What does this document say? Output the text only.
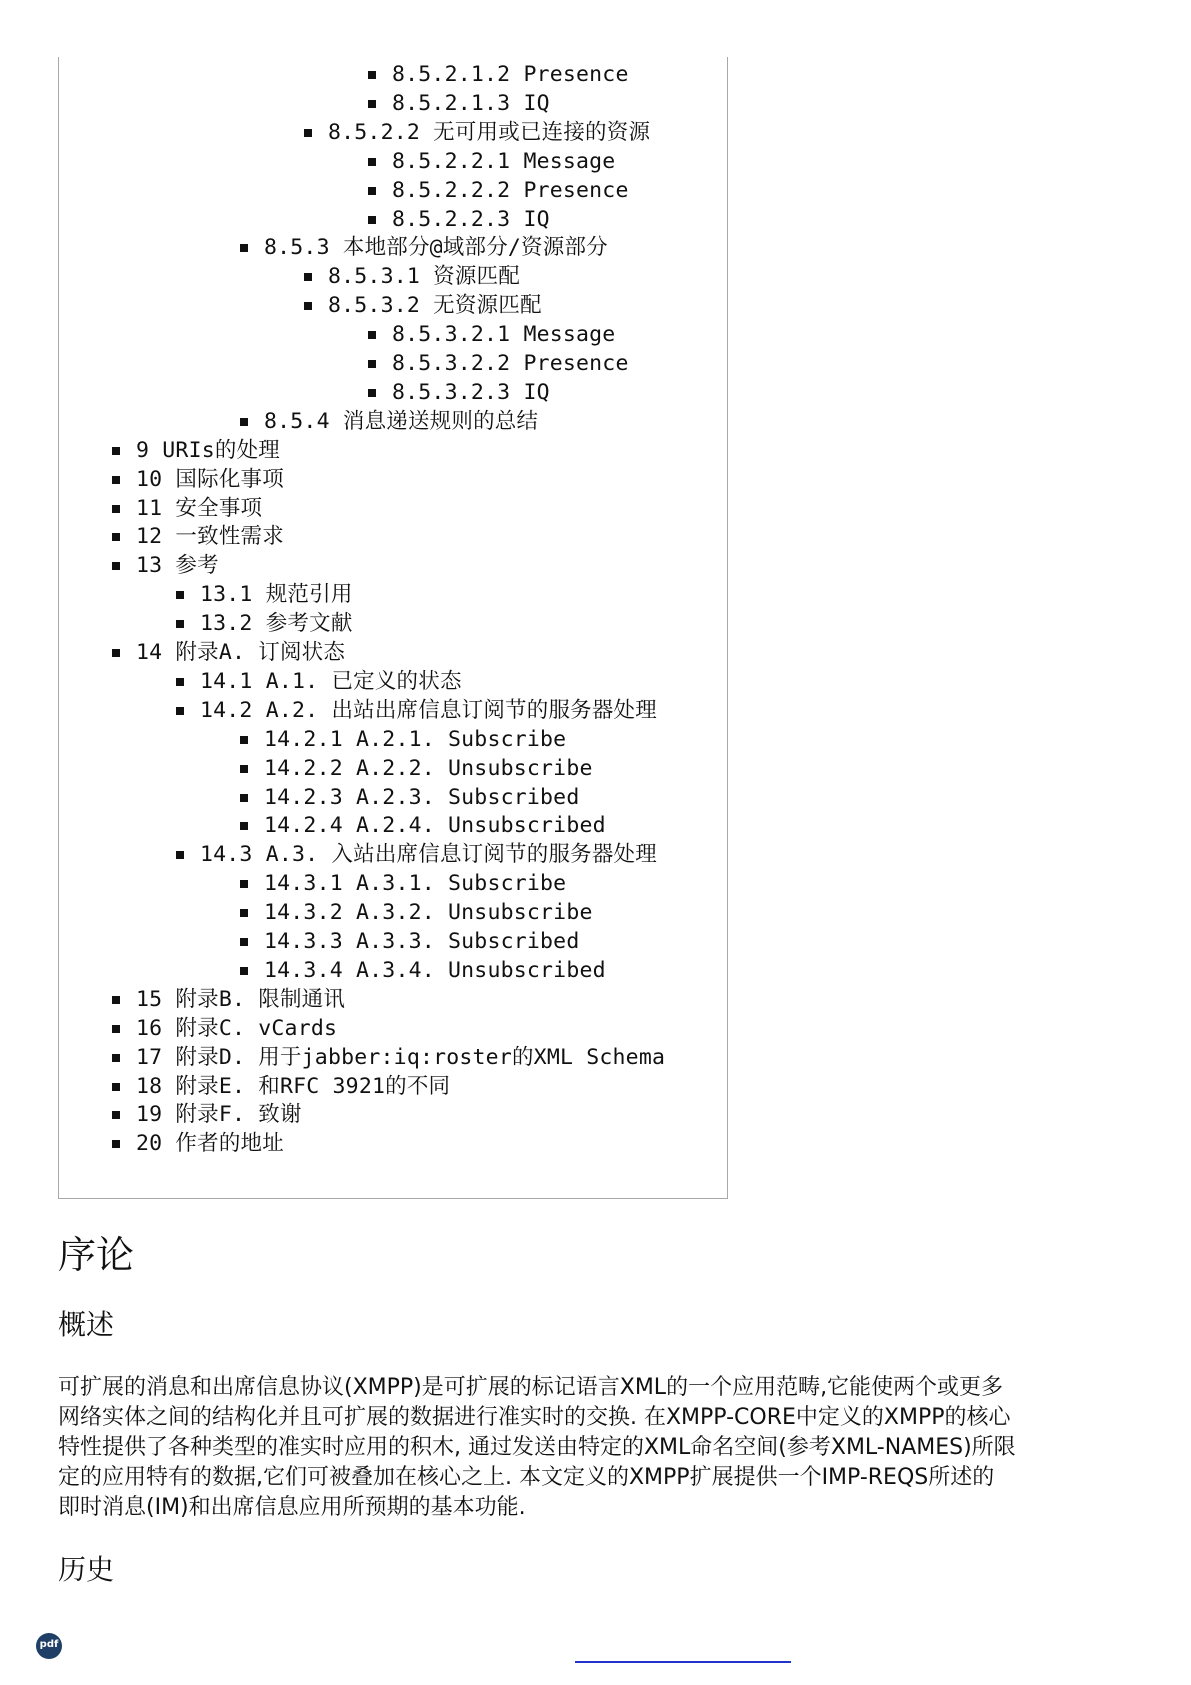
序论
概述
可扩展的消息和出席信息协议(XMPP)是可扩展的标记语言XML的一个应用范畴,它能使两个或更多
网络实体之间的结构化并且可扩展的数据进行准实时的交换. 在XMPP-CORE中定义的XMPP的核心
特性提供了各种类型的准实时应用的积木, 通过发送由特定的XML命名空间(参考XML-NAMES)所限
定的应用特有的数据,它们可被叠加在核心之上. 本文定义的XMPP扩展提供一个IMP-REQS所述的
即时消息(IM)和出席信息应用所预期的基本功能.
历史
pdf
8.5.2.1.2 Presence
8.5.2.1.3 IQ
8.5.2.2 无可用或已连接的资源
8.5.2.2.1 Message
8.5.2.2.2 Presence
8.5.2.2.3 IQ
8.5.3 本地部分@域部分/资源部分
8.5.3.1 资源匹配
8.5.3.2 无资源匹配
8.5.3.2.1 Message
8.5.3.2.2 Presence
8.5.3.2.3 IQ
8.5.4 消息递送规则的总结
9 URIs的处理
10 国际化事项
11 安全事项
12 一致性需求
13 参考
13.1 规范引用
13.2 参考文献
14 附录A. 订阅状态
14.1 A.1. 已定义的状态
14.2 A.2. 出站出席信息订阅节的服务器处理
14.2.1 A.2.1. Subscribe
14.2.2 A.2.2. Unsubscribe
14.2.3 A.2.3. Subscribed
14.2.4 A.2.4. Unsubscribed
14.3 A.3. 入站出席信息订阅节的服务器处理
14.3.1 A.3.1. Subscribe
14.3.2 A.3.2. Unsubscribe
14.3.3 A.3.3. Subscribed
14.3.4 A.3.4. Unsubscribed
15 附录B. 限制通讯
16 附录C. vCards
17 附录D. 用于jabber:iq:roster的XML Schema
18 附录E. 和RFC 3921的不同
19 附录F. 致谢
20 作者的地址
